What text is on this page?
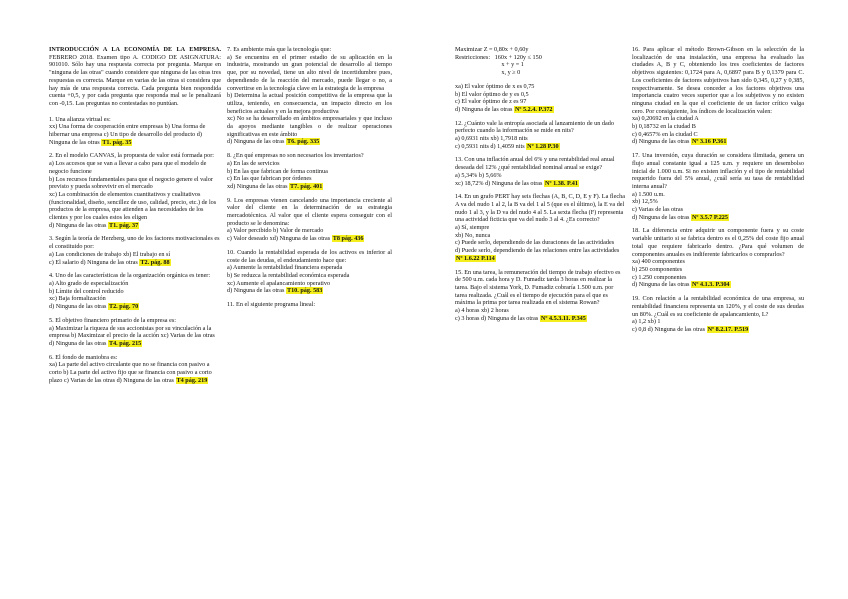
INTRODUCCIÓN A LA ECONOMÍA DE LA EMPRESA. FEBRERO 2018. Examen tipo A. CODIGO DE ASIGNATURA: 901010. Sólo hay una respuesta correcta por pregunta. Marque en "ninguna de las otras" cuando considere que ninguna de las otras tres respuestas es correcta. Marque en varias de las otras si considera que hay más de una respuesta correcta. Cada pregunta bien respondida cuenta +0,5, y por cada pregunta que responda mal se le penalizará con -0,15. Las preguntas no contestadas no puntúan.
1. Una alianza virtual es:
xx) Una forma de cooperación entre empresas b) Una forma de hibernar una empresa c) Un tipo de desarrollo del producto d) Ninguna de las otras T1. pág. 35
2. En el modelo CANVAS, la propuesta de valor está formada por:
a) Los accesos que se van a llevar a cabo para que el modelo de negocio funcione
b) Los recursos fundamentales para que el negocio genere el valor previsto y pueda sobrevivir en el mercado
xc) La combinación de elementos cuantitativos y cualitativos (funcionalidad, diseño, sencillez de uso, calidad, precio, etc.) de los productos de la empresa, que atienden a las necesidades de los clientes y por los cuales estos les eligen
d) Ninguna de las otras T1. pág. 37
3. Según la teoría de Herzberg, uno de los factores motivacionales es el constituido por:
a) Las condiciones de trabajo xb) El trabajo en sí
c) El salario d) Ninguna de las otras T2. pág. 88
4. Uno de las características de la organización orgánica es tener:
a) Alto grado de especialización
b) Límite del control reducido
xc) Baja formalización
d) Ninguna de las otras T2. pág. 70
5. El objetivo financiero primario de la empresa es:
a) Maximizar la riqueza de sus accionistas por su vinculación a la empresa b) Maximizar el precio de la acción xc) Varias de las otras d) Ninguna de las otras T4. pág. 215
6. El fondo de maniobra es:
xa) La parte del activo circulante que no se financia con pasivo a corto b) La parte del activo fijo que se financia con pasivo a corto plazo c) Varias de las otras d) Ninguna de las otras T4 pág. 219
7. Es ambiente más que la tecnología que:
a) Se encuentra en el primer estadio de su aplicación en la industria, mostrando un gran potencial de desarrollo al tiempo que, por su novedad, tiene un alto nivel de incertidumbre pues, dependiendo de la reacción del mercado, puede llegar o no, a convertirse en la tecnología clave en la estrategia de la empresa
b) Determina la actual posición competitiva de la empresa que la utiliza, teniendo, en consecuencia, un impacto directo en los beneficios actuales y en la mejora productiva
xc) No se ha desarrollado en ámbitos empresariales y que incluso da apoyos mediante tangibles o de realizar operaciones significativas en este ámbito
d) Ninguna de las otras T6. pág. 335
8. ¿En qué empresas no son necesarios los inventarios?
a) En las de servicios
b) En las que fabrican de forma continua
c) En las que fabrican por órdenes
xd) Ninguna de las otras T7. pág. 401
9. Los empresas vienen cancelando una importancia creciente al valor del cliente en la determinación de su estrategia mercadotécnica. Al valor que el cliente espera conseguir con el producto se le denomina:
a) Valor percibido b) Valor de mercado
c) Valor deseado xd) Ninguna de las otras T8 pág. 436
10. Cuando la rentabilidad esperada de los activos es inferior al coste de las deudas, el endeudamiento hace que:
a) Aumente la rentabilidad financiera esperada
b) Se reduzca la rentabilidad económica esperada
xc) Aumente el apalancamiento operativo
d) Ninguna de las otras T10. pág. 583
11. En el siguiente programa lineal:
Maximizar Z = 0,80x + 0,60y
Restricciones:   160x + 120y ≤ 150
x + y = 1
x, y ≥ 0
xa) El valor óptimo de x es 0,75
b) El valor óptimo de y es 0,5
c) El valor óptimo de z es 97
d) Ninguna de las otras Nº 5.2.4. P.372
12. ¿Cuánto vale la entropía asociada al lanzamiento de un dado perfecto cuando la información se mide en nits?
a) 0,6931 nits xb) 1,7918 nits
c) 0,5931 nits d) 1,4059 nits Nº 1.28 P.30
13. Con una inflación anual del 6% y una rentabilidad real anual deseada del 12% ¿qué rentabilidad nominal anual se exige?
a) 5,34% b) 5,66%
xc) 18,72% d) Ninguna de las otras Nº 1.38. P.41
14. En un grafo PERT hay seis flechas (A, B, C, D, E y F). La flecha A va del nudo 1 al 2, la B va del 1 al 5 (que es el último), la E va del nudo 1 al 3, y la D va del nudo 4 al 5. La sexta flecha (F) representa una actividad ficticia que va del nudo 3 al 4. ¿Es correcto?
a) Sí, siempre
xb) No, nunca
c) Puede serlo, dependiendo de las duraciones de las actividades
d) Puede serlo, dependiendo de las relaciones entre las actividades Nº 1.6.22 P.114
15. En una tarea, la remuneración del tiempo de trabajo efectivo es de 500 u.m. cada hora y D. Fumadiz tarda 3 horas en realizar la tarea. Bajo el sistema York, D. Fumadiz cobraría 1.500 u.m. por tarea realizada. ¿Cuál es el tiempo de ejecución para el que es máxima la prima por tarea realizada en el sistema Rowan?
a) 4 horas xb) 2 horas
c) 3 horas d) Ninguna de las otras Nº 4.5.3.11. P.345
16. Para aplicar el método Brown-Gibson en la selección de la localización de una instalación, una empresa ha evaluado las ciudades A, B y C, obteniendo los tres coeficientes de factores objetivos siguientes: 0,1724 para A, 0,6897 para B y 0,1379 para C. Los coeficientes de factores subjetivos han sido 0,345, 0,27 y 0,385, respectivamente. Se desea conceder a los factores objetivos una importancia cuatro veces superior que a los subjetivos y no existen ninguna ciudad en la que el coeficiente de un factor crítico valga cero. Por consiguiente, los índices de localización valen:
xa) 0,20692 en la ciudad A
b) 0,18732 en la ciudad B
c) 0,4657% en la ciudad C
d) Ninguna de las otras Nº 3.16 P.361
17. Una inversión, cuya duración se considera ilimitada, genera un flujo anual constante igual a 125 u.m. y requiere un desembolso inicial de 1.000 u.m. Si no existen inflación y el tipo de rentabilidad requerido fuera del 5% anual, ¿cuál sería su tasa de rentabilidad interna anual?
a) 1.500 u.m.
xb) 12,5%
c) Varias de las otras
d) Ninguna de las otras Nº 3.5.7 P.225
18. La diferencia entre adquirir un componente fuera y su coste variable unitario si se fabrica dentro es el 0,25% del coste fijo anual total que requiere fabricarlo dentro. ¿Para qué volumen de componentes anuales es indiferente fabricarlos o comprarlos?
xa) 400 componentes
b) 250 componentes
c) 1.250 componentes
d) Ninguna de las otras Nº 4.1.3. P.304
19. Con relación a la rentabilidad económica de una empresa, su rentabilidad financiera representa un 120%, y el coste de sus deudas un 80%. ¿Cuál es su coeficiente de apalancamiento, L?
a) 1,2 xb) 1
c) 0,8 d) Ninguna de las otras Nº 8.2.17. P.519
